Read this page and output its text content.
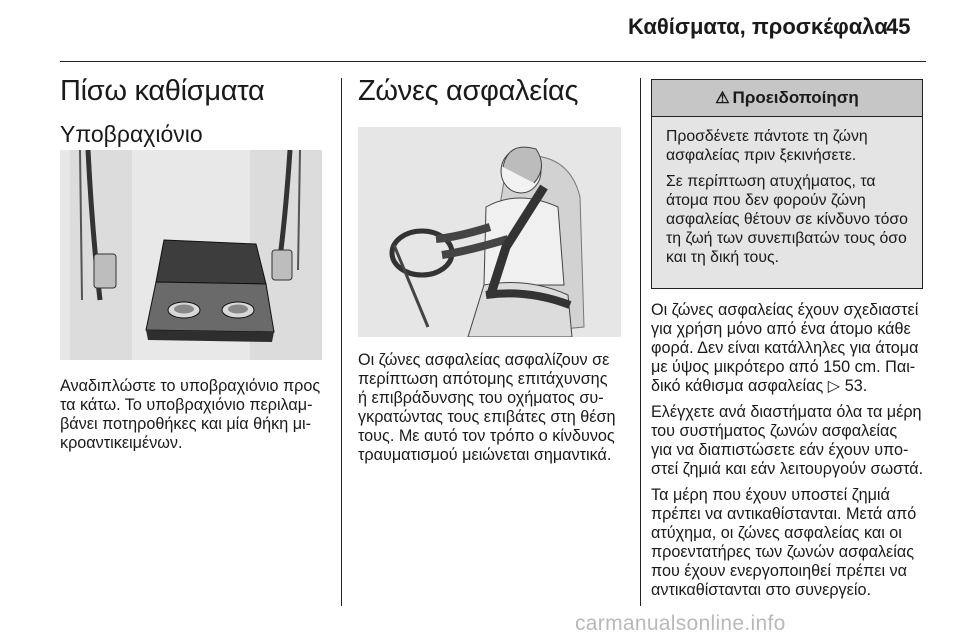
Καθίσματα, προσκέφαλα
45
Πίσω καθίσματα
Υποβραχιόνιο

Αναδιπλώστε το υποβραχιόνιο προς
τα κάτω. Το υποβραχιόνιο περιλαμ-
βάνει ποτηροθήκες και μία θήκη μι-
κροαντικειμένων.

Ζώνες ασφαλείας

Οι ζώνες ασφαλείας ασφαλίζουν σε
περίπτωση απότομης επιτάχυνσης
ή επιβράδυνσης του οχήματος συ-
γκρατώντας τους επιβάτες στη θέση
τους. Με αυτό τον τρόπο ο κίνδυνος
τραυματισμού μειώνεται σημαντικά.

⚠ Προειδοποίηση

Προσδένετε πάντοτε τη ζώνη
ασφαλείας πριν ξεκινήσετε.

Σε περίπτωση ατυχήματος, τα
άτομα που δεν φορούν ζώνη
ασφαλείας θέτουν σε κίνδυνο τόσο
τη ζωή των συνεπιβατών τους όσο
και τη δική τους.

Οι ζώνες ασφαλείας έχουν σχεδιαστεί
για χρήση μόνο από ένα άτομο κάθε
φορά. Δεν είναι κατάλληλες για άτομα
με ύψος μικρότερο από 150 cm. Παι-
δικό κάθισμα ασφαλείας ▷ 53.

Ελέγχετε ανά διαστήματα όλα τα μέρη
του συστήματος ζωνών ασφαλείας
για να διαπιστώσετε εάν έχουν υπο-
στεί ζημιά και εάν λειτουργούν σωστά.

Τα μέρη που έχουν υποστεί ζημιά
πρέπει να αντικαθίστανται. Μετά από
ατύχημα, οι ζώνες ασφαλείας και οι
προεντατήρες των ζωνών ασφαλείας
που έχουν ενεργοποιηθεί πρέπει να
αντικαθίστανται στο συνεργείο.

carmanualsonline.info
